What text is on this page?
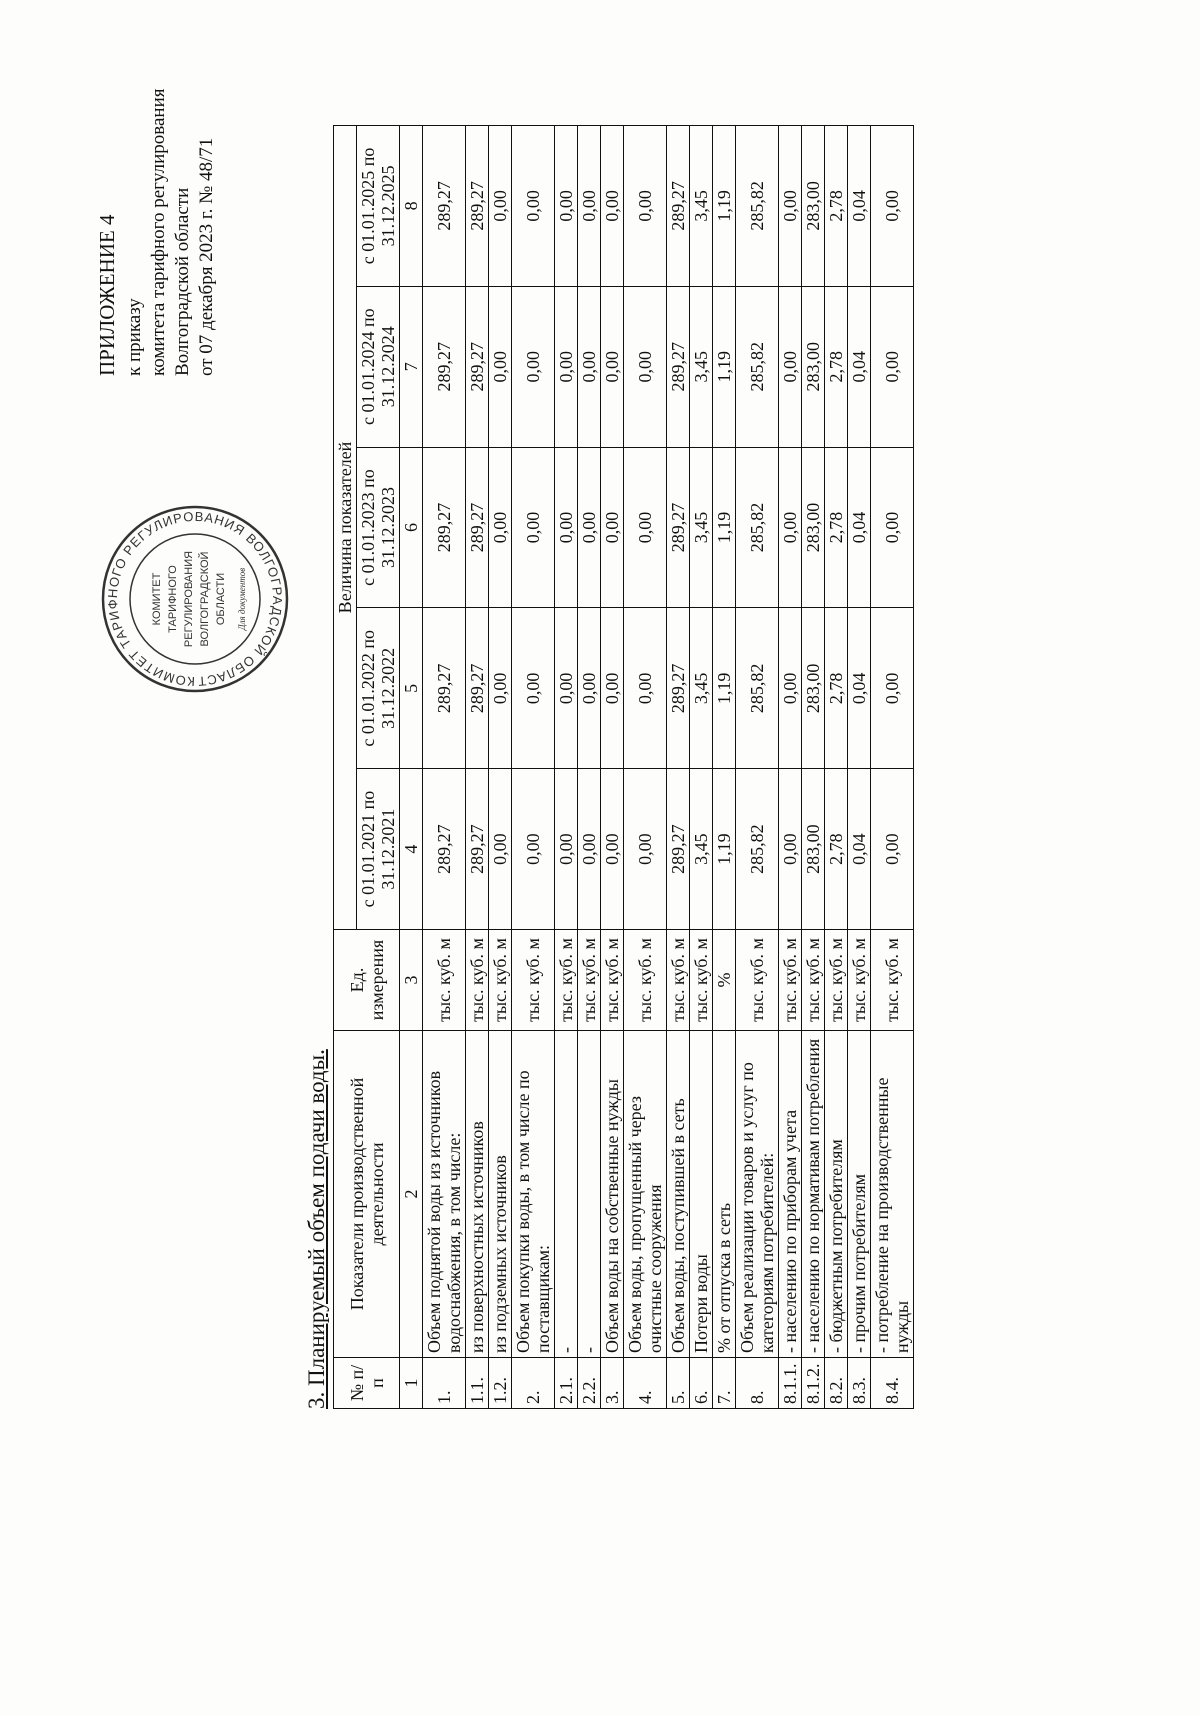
КОМИТЕТ ТАРИФНОГО РЕГУЛИРОВАНИЯ ВОЛГОГРАДСКОЙ ОБЛАСТ
КОМИТЕТ ТАРИФНОГО РЕГУЛИРОВАНИЯ ВОЛГОГРАДСКОЙ ОБЛАСТИ Для документов
ПРИЛОЖЕНИЕ 4 к приказу комитета тарифного регулирования Волгоградской области от 07 декабря 2023 г. № 48/71
3. Планируемый объем подачи воды. № п/п	Показатели производственной деятельности	Ед. измерения	Величина показателей				
			с 01.01.2021 по 31.12.2021	с 01.01.2022 по 31.12.2022	с 01.01.2023 по 31.12.2023	с 01.01.2024 по 31.12.2024	с 01.01.2025 по 31.12.2025
1	2	3	4	5	6	7	8
1.	Объем поднятой воды из источников водоснабжения, в том числе:	тыс. куб. м	289,27	289,27	289,27	289,27	289,27
1.1.	из поверхностных источников	тыс. куб. м	289,27	289,27	289,27	289,27	289,27
1.2.	из подземных источников	тыс. куб. м	0,00	0,00	0,00	0,00	0,00
2.	Объем покупки воды, в том числе по поставщикам:	тыс. куб. м	0,00	0,00	0,00	0,00	0,00
2.1.	-	тыс. куб. м	0,00	0,00	0,00	0,00	0,00
2.2.	-	тыс. куб. м	0,00	0,00	0,00	0,00	0,00
3.	Объем воды на собственные нужды	тыс. куб. м	0,00	0,00	0,00	0,00	0,00
4.	Объем воды, пропущенный через очистные сооружения	тыс. куб. м	0,00	0,00	0,00	0,00	0,00
5.	Объем воды, поступившей в сеть	тыс. куб. м	289,27	289,27	289,27	289,27	289,27
6.	Потери воды	тыс. куб. м	3,45	3,45	3,45	3,45	3,45
7.	% от отпуска в сеть	%	1,19	1,19	1,19	1,19	1,19
8.	Объем реализации товаров и услуг по категориям потребителей:	тыс. куб. м	285,82	285,82	285,82	285,82	285,82
8.1.1.	- населению по приборам учета	тыс. куб. м	0,00	0,00	0,00	0,00	0,00
8.1.2.	- населению по нормативам потребления	тыс. куб. м	283,00	283,00	283,00	283,00	283,00
8.2.	- бюджетным потребителям	тыс. куб. м	2,78	2,78	2,78	2,78	2,78
8.3.	- прочим потребителям	тыс. куб. м	0,04	0,04	0,04	0,04	0,04
8.4.	- потребление на производственные нужды	тыс. куб. м	0,00	0,00	0,00	0,00	0,00
